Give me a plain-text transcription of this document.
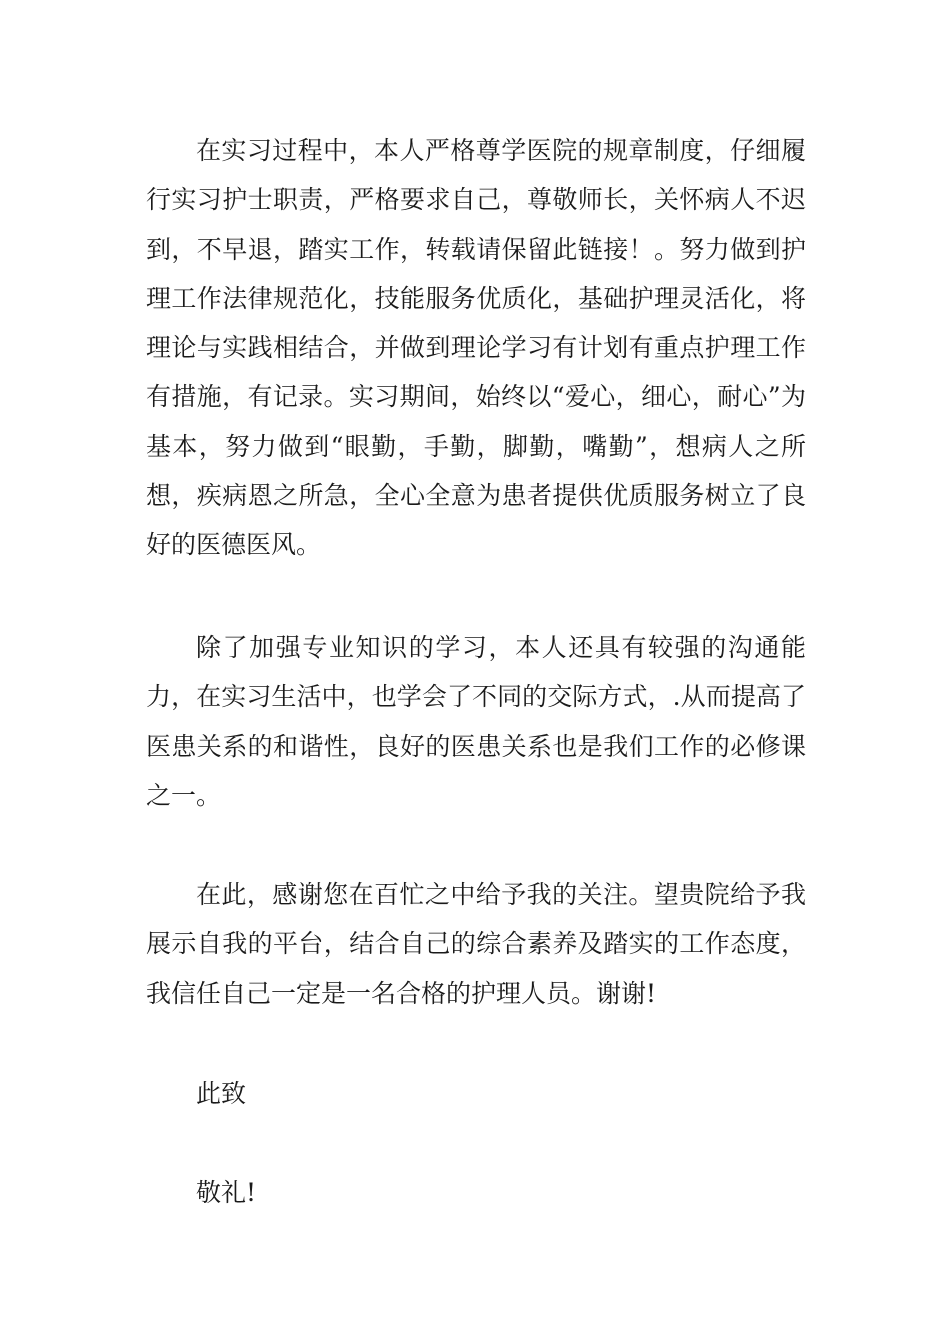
在实习过程中，本人严格尊学医院的规章制度，仔细履行实习护士职责，严格要求自己，尊敬师长，关怀病人不迟到，不早退，踏实工作，转载请保留此链接！。努力做到护理工作法律规范化，技能服务优质化，基础护理灵活化，将理论与实践相结合，并做到理论学习有计划有重点护理工作有措施，有记录。实习期间，始终以“爱心，细心，耐心”为基本，努力做到“眼勤，手勤，脚勤，嘴勤”，想病人之所想，疾病恩之所急，全心全意为患者提供优质服务树立了良好的医德医风。

除了加强专业知识的学习，本人还具有较强的沟通能力，在实习生活中，也学会了不同的交际方式，.从而提高了医患关系的和谐性，良好的医患关系也是我们工作的必修课之一。

在此，感谢您在百忙之中给予我的关注。望贵院给予我展示自我的平台，结合自己的综合素养及踏实的工作态度，我信任自己一定是一名合格的护理人员。谢谢!

此致

敬礼!
